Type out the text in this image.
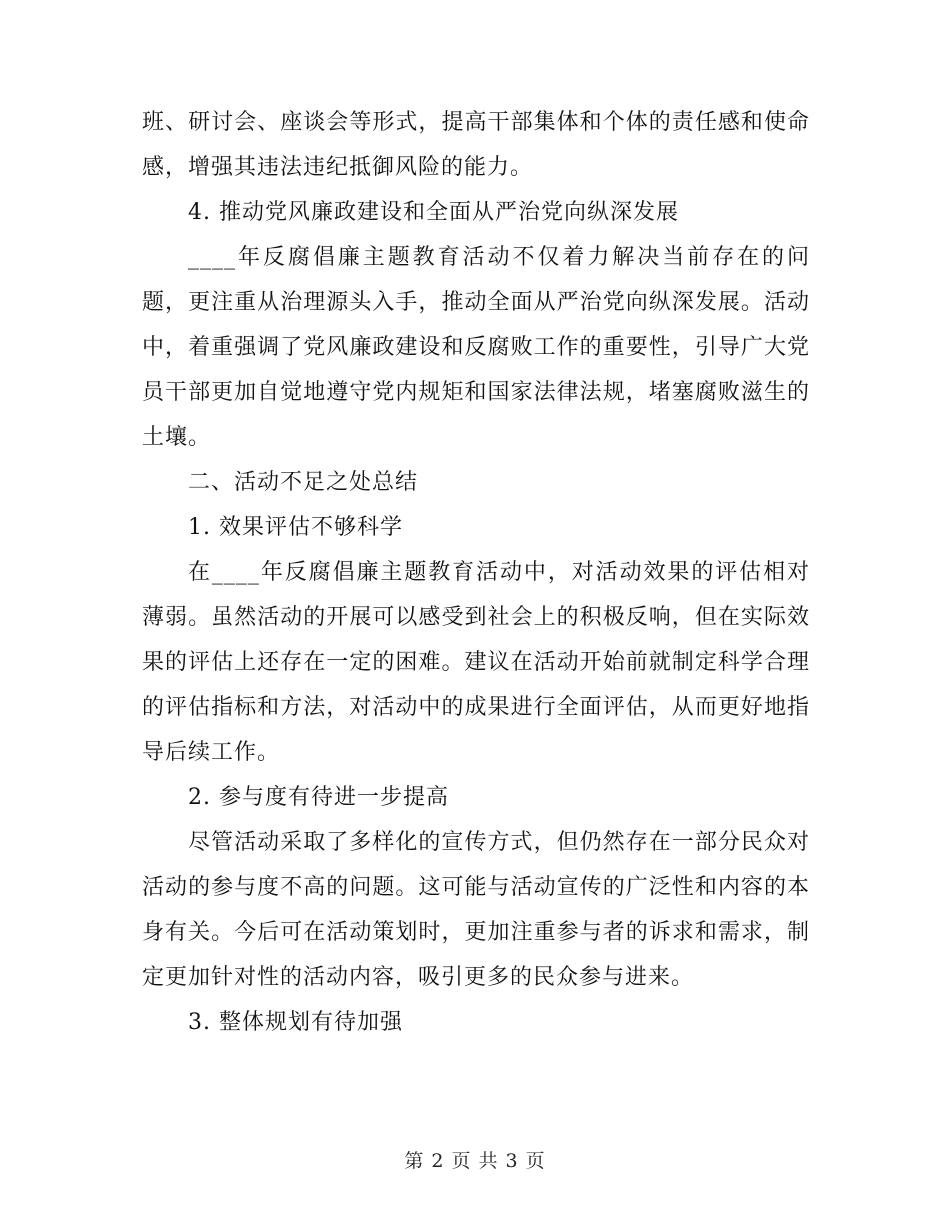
班、研讨会、座谈会等形式，提高干部集体和个体的责任感和使命感，增强其违法违纪抵御风险的能力。

4. 推动党风廉政建设和全面从严治党向纵深发展

____年反腐倡廉主题教育活动不仅着力解决当前存在的问题，更注重从治理源头入手，推动全面从严治党向纵深发展。活动中，着重强调了党风廉政建设和反腐败工作的重要性，引导广大党员干部更加自觉地遵守党内规矩和国家法律法规，堵塞腐败滋生的土壤。

二、活动不足之处总结

1. 效果评估不够科学

在____年反腐倡廉主题教育活动中，对活动效果的评估相对薄弱。虽然活动的开展可以感受到社会上的积极反响，但在实际效果的评估上还存在一定的困难。建议在活动开始前就制定科学合理的评估指标和方法，对活动中的成果进行全面评估，从而更好地指导后续工作。

2. 参与度有待进一步提高

尽管活动采取了多样化的宣传方式，但仍然存在一部分民众对活动的参与度不高的问题。这可能与活动宣传的广泛性和内容的本身有关。今后可在活动策划时，更加注重参与者的诉求和需求，制定更加针对性的活动内容，吸引更多的民众参与进来。

3. 整体规划有待加强

第 2 页 共 3 页
